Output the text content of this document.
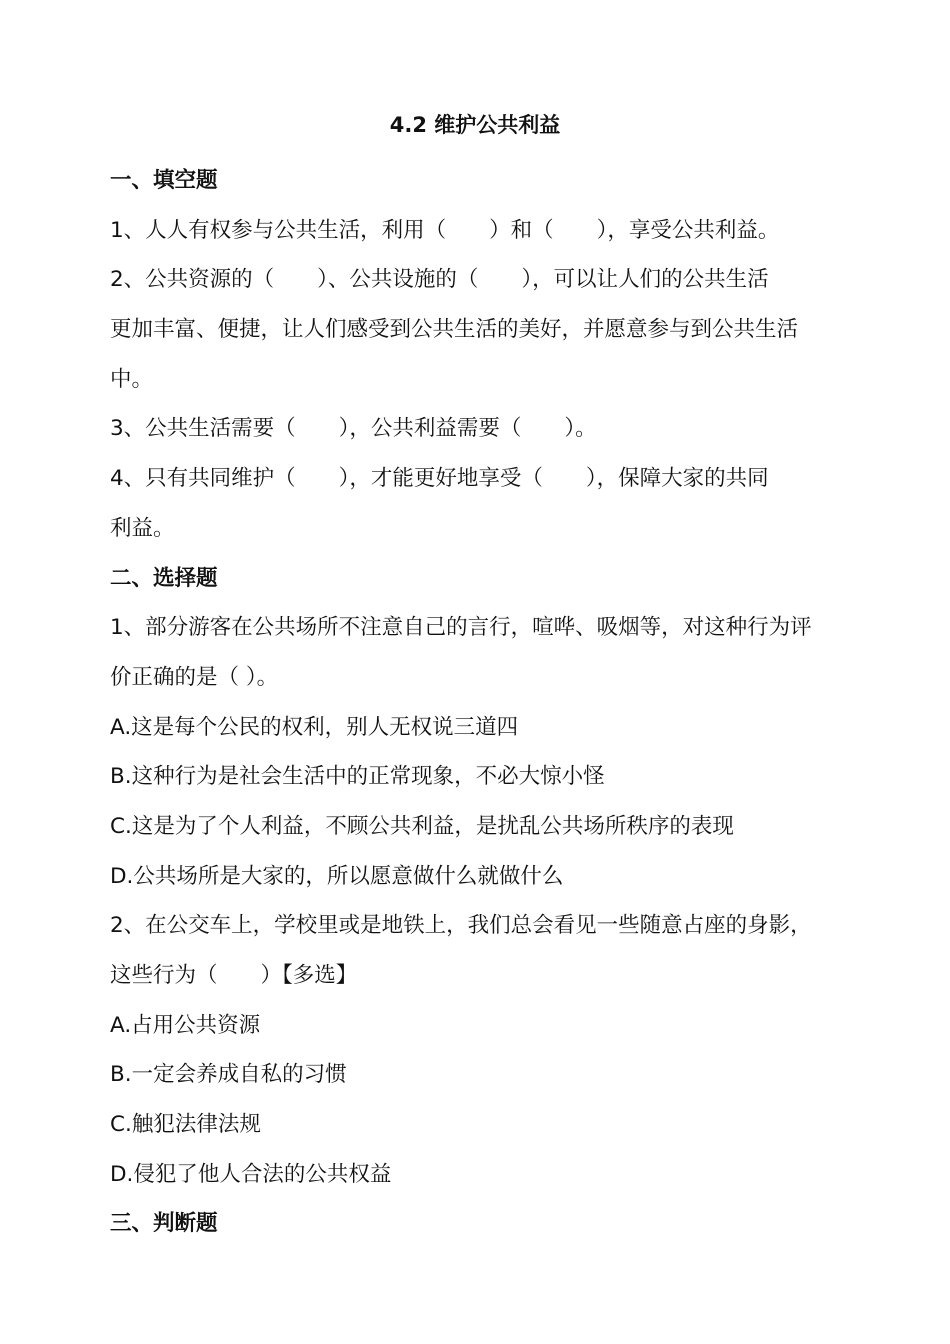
4.2 维护公共利益
一、填空题
1、人人有权参与公共生活，利用（　　）和（　　），享受公共利益。
2、公共资源的（　　）、公共设施的（　　），可以让人们的公共生活
更加丰富、便捷，让人们感受到公共生活的美好，并愿意参与到公共生活
中。
3、公共生活需要（　　），公共利益需要（　　）。
4、只有共同维护（　　），才能更好地享受（　　），保障大家的共同
利益。
二、选择题
1、部分游客在公共场所不注意自己的言行，喧哗、吸烟等，对这种行为评
价正确的是（ ）。
A.这是每个公民的权利，别人无权说三道四
B.这种行为是社会生活中的正常现象，不必大惊小怪
C.这是为了个人利益，不顾公共利益，是扰乱公共场所秩序的表现
D.公共场所是大家的，所以愿意做什么就做什么
2、在公交车上，学校里或是地铁上，我们总会看见一些随意占座的身影，
这些行为（　　）【多选】
A.占用公共资源
B.一定会养成自私的习惯
C.触犯法律法规
D.侵犯了他人合法的公共权益
三、判断题
